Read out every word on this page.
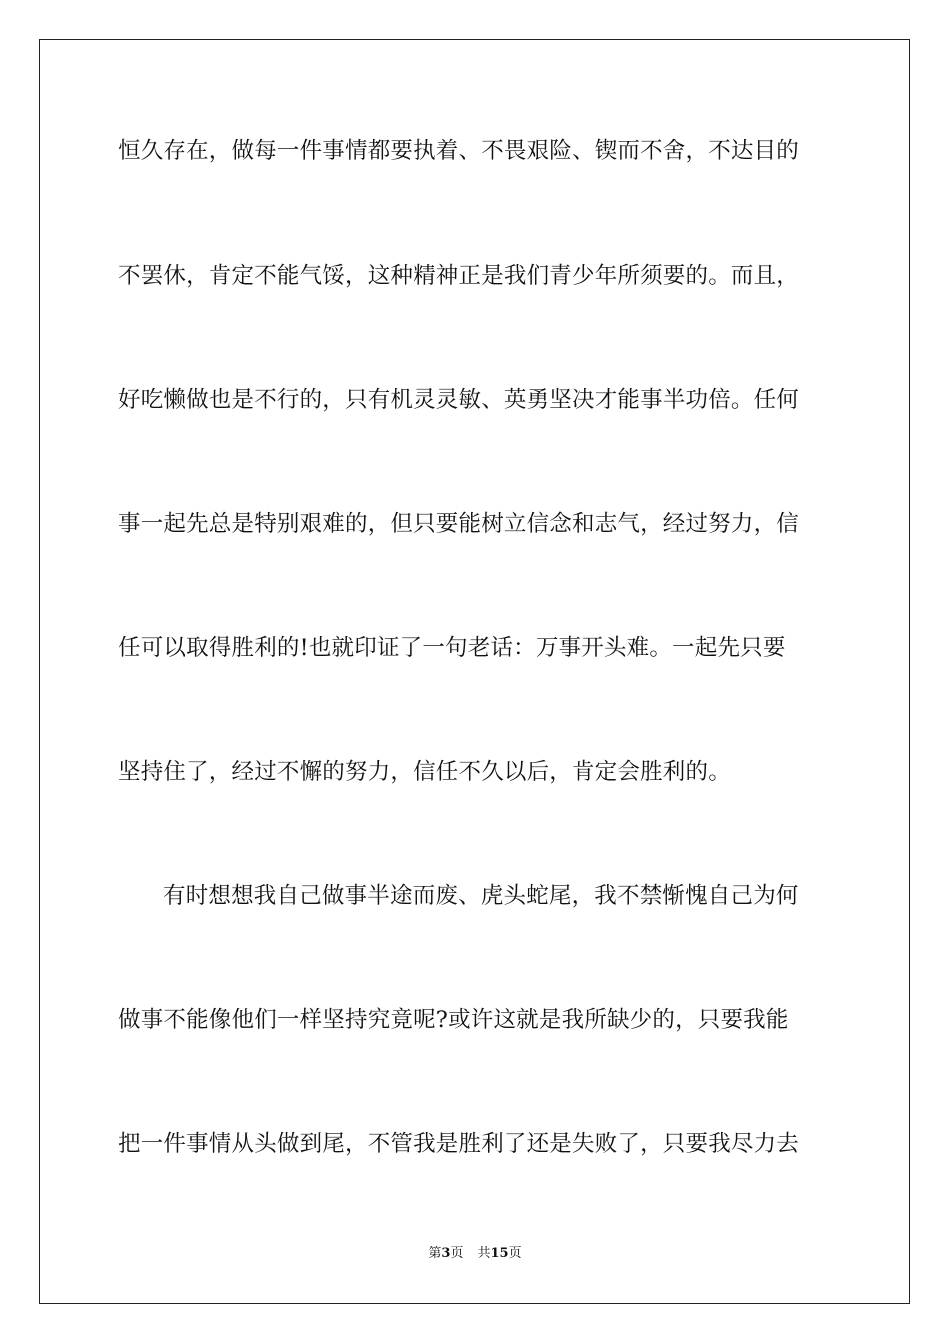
恒久存在，做每一件事情都要执着、不畏艰险、锲而不舍，不达目的
不罢休，肯定不能气馁，这种精神正是我们青少年所须要的。而且，
好吃懒做也是不行的，只有机灵灵敏、英勇坚决才能事半功倍。任何
事一起先总是特别艰难的，但只要能树立信念和志气，经过努力，信
任可以取得胜利的!也就印证了一句老话：万事开头难。一起先只要
坚持住了，经过不懈的努力，信任不久以后，肯定会胜利的。
有时想想我自己做事半途而废、虎头蛇尾，我不禁惭愧自己为何
做事不能像他们一样坚持究竟呢?或许这就是我所缺少的，只要我能
把一件事情从头做到尾，不管我是胜利了还是失败了，只要我尽力去
第3页 共15页
